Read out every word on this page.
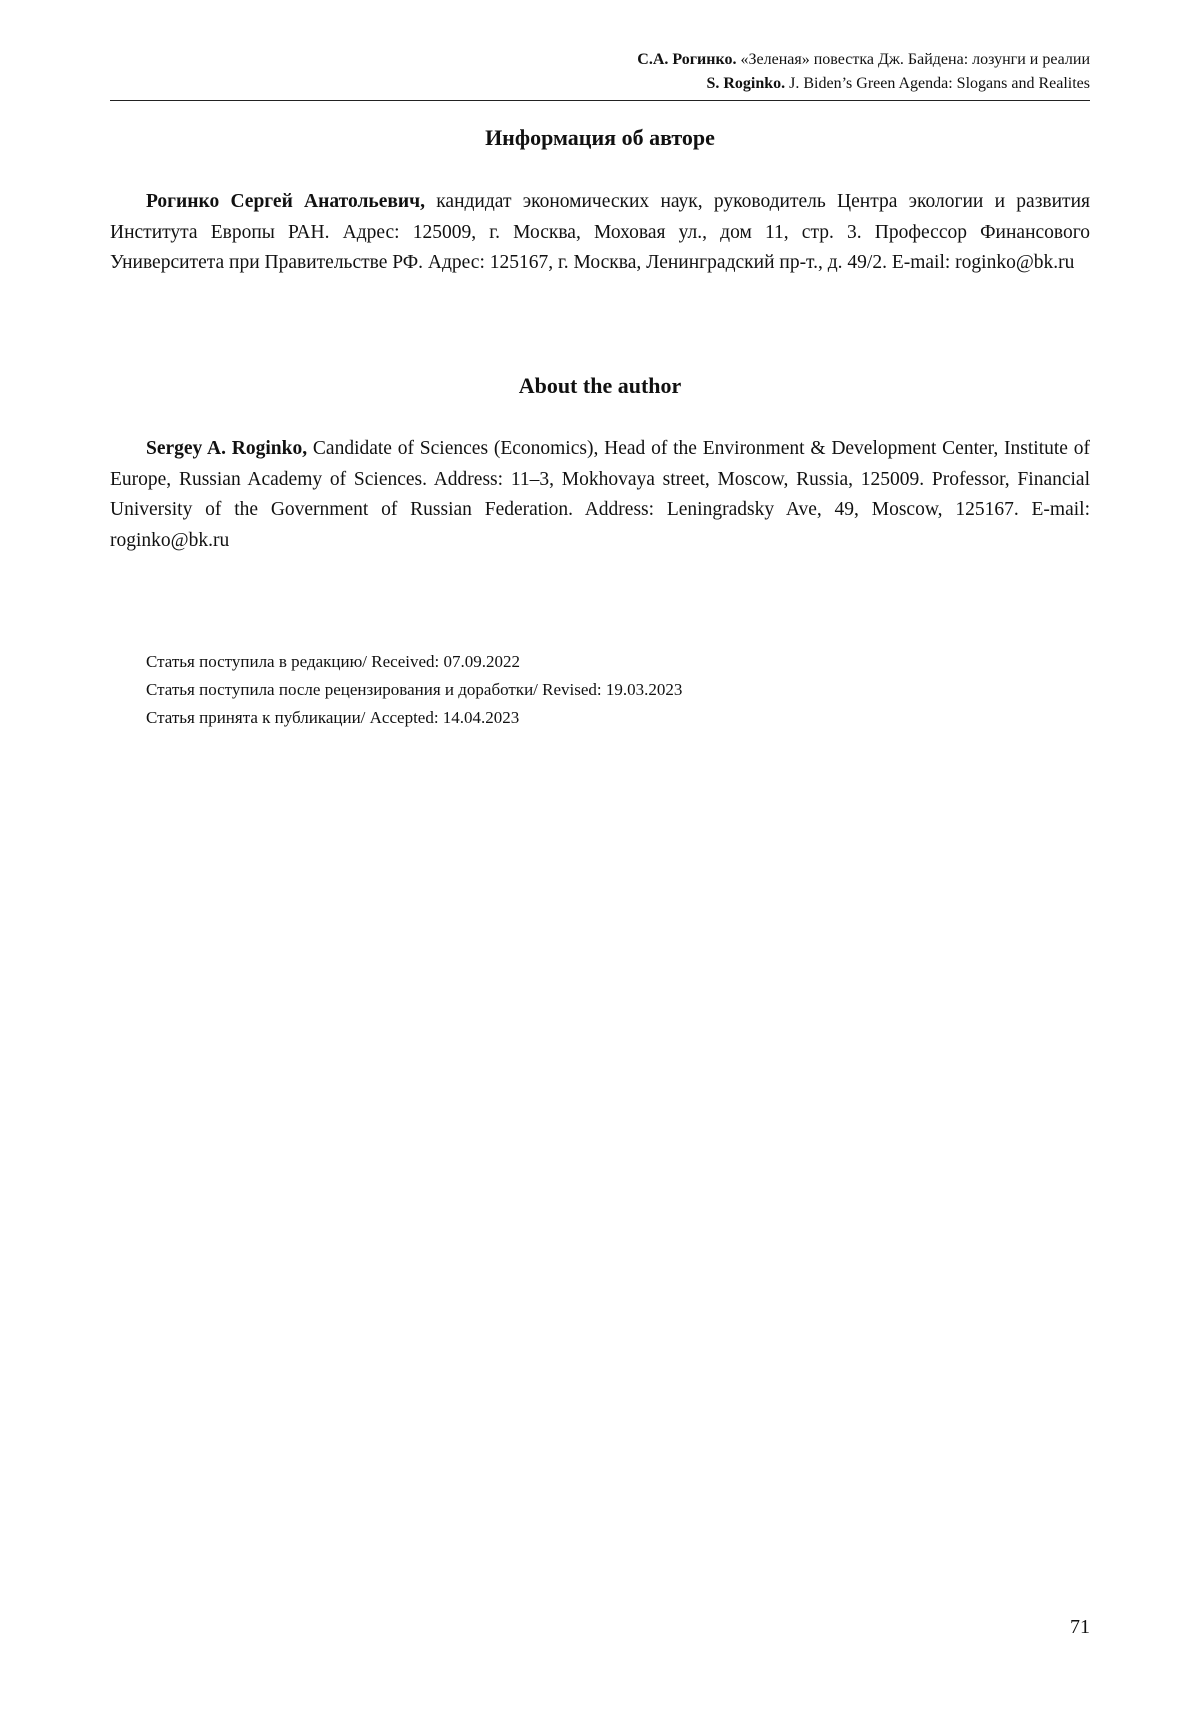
С.А. Рогинко. «Зеленая» повестка Дж. Байдена: лозунги и реалии
S. Roginko. J. Biden’s Green Agenda: Slogans and Realites
Информация об авторе

Рогинко Сергей Анатольевич, кандидат экономических наук, руководитель Центра экологии и развития Института Европы РАН. Адрес: 125009, г. Москва, Моховая ул., дом 11, стр. 3. Профессор Финансового Университета при Правительстве РФ. Адрес: 125167, г. Москва, Ленинградский пр-т., д. 49/2. E-mail: roginko@bk.ru

About the author

Sergey A. Roginko, Candidate of Sciences (Economics), Head of the Environment & Development Center, Institute of Europe, Russian Academy of Sciences. Address: 11–3, Mokhovaya street, Moscow, Russia, 125009. Professor, Financial University of the Government of Russian Federation. Address: Leningradsky Ave, 49, Moscow, 125167. E-mail: roginko@bk.ru

Статья поступила в редакцию/ Received: 07.09.2022
Статья поступила после рецензирования и доработки/ Revised: 19.03.2023
Статья принята к публикации/ Accepted: 14.04.2023
71
